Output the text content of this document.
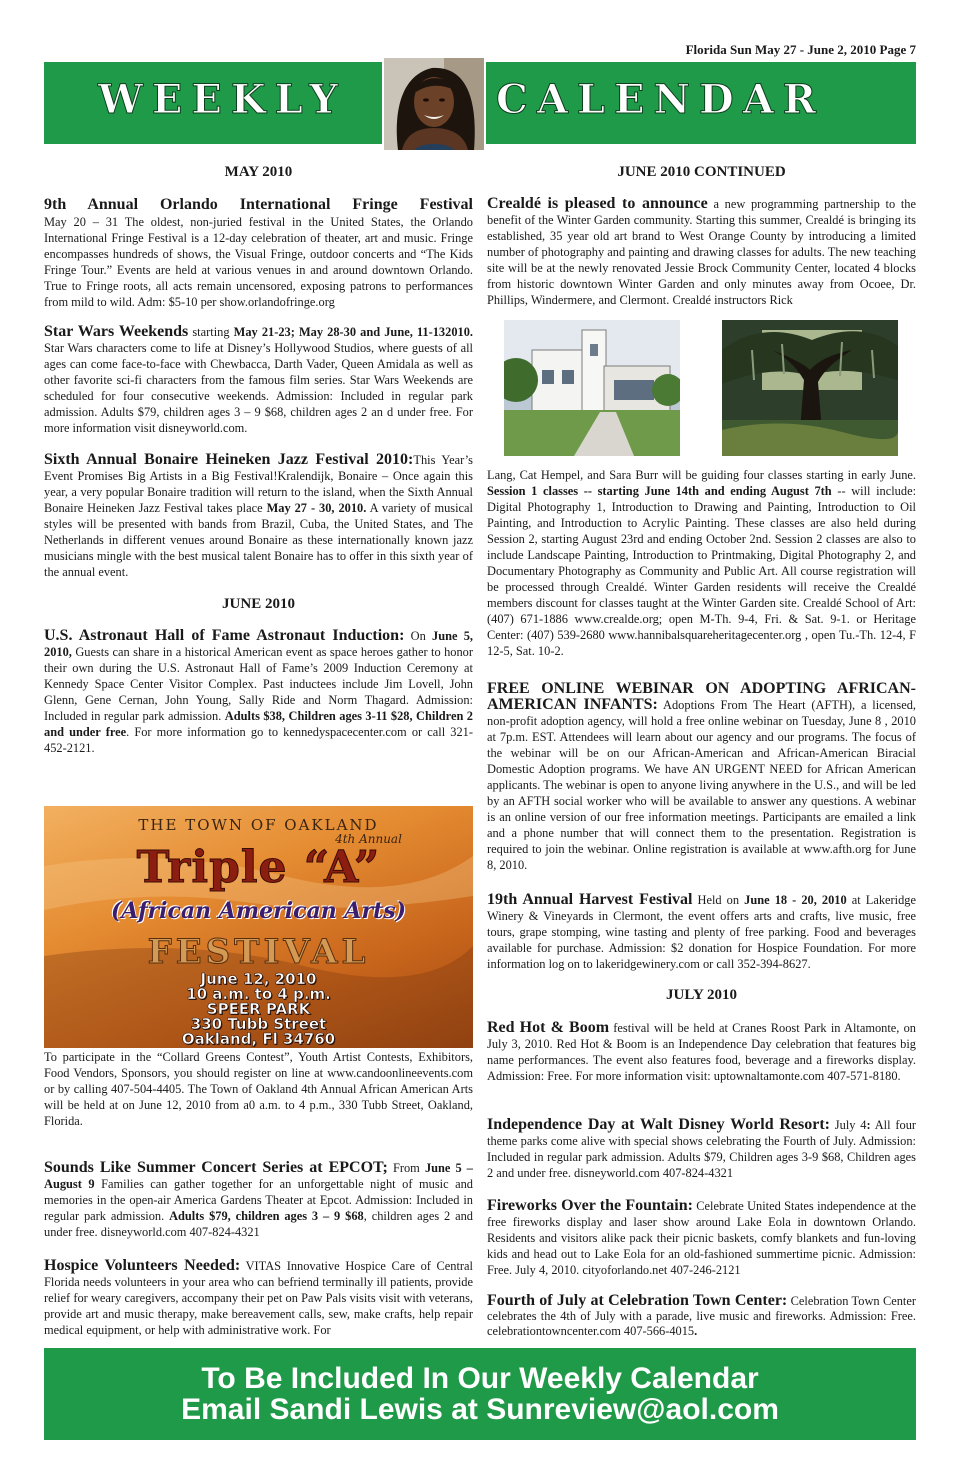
Florida Sun May 27 - June 2, 2010 Page 7
WEEKLY	CALENDAR
MAY 2010

9th Annual Orlando International Fringe Festival
May 20 – 31 The oldest, non-juried festival in the United States, the Orlando International Fringe Festival is a 12-day celebration of theater, art and music. Fringe encompasses hundreds of shows, the Visual Fringe, outdoor concerts and “The Kids Fringe Tour.” Events are held at various venues in and around downtown Orlando. True to Fringe roots, all acts remain uncensored, exposing patrons to performances from mild to wild. Adm: $5-10 per show.orlandofringe.org

Star Wars Weekends starting May 21-23; May 28-30 and June, 11-132010. Star Wars characters come to life at Disney’s Hollywood Studios, where guests of all ages can come face-to-face with Chewbacca, Darth Vader, Queen Amidala as well as other favorite sci-fi characters from the famous film series. Star Wars Weekends are scheduled for four consecutive weekends. Admission: Included in regular park admission. Adults $79, children ages 3 – 9 $68, children ages 2 an d under free. For more information visit disneyworld.com.

Sixth Annual Bonaire Heineken Jazz Festival 2010:This Year’s Event Promises Big Artists in a Big Festival!Kralendijk, Bonaire – Once again this year, a very popular Bonaire tradition will return to the island, when the Sixth Annual Bonaire Heineken Jazz Festival takes place May 27 - 30, 2010. A variety of musical styles will be presented with bands from Brazil, Cuba, the United States, and The Netherlands in different venues around Bonaire as these internationally known jazz musicians mingle with the best musical talent Bonaire has to offer in this sixth year of the annual event.

JUNE 2010

U.S. Astronaut Hall of Fame Astronaut Induction: On June 5, 2010, Guests can share in a historical American event as space heroes gather to honor their own during the U.S. Astronaut Hall of Fame’s 2009 Induction Ceremony at Kennedy Space Center Visitor Complex. Past inductees include Jim Lovell, John Glenn, Gene Cernan, John Young, Sally Ride and Norm Thagard. Admission: Included in regular park admission. Adults $38, Children ages 3-11 $28, Children 2 and under free. For more information go to kennedyspacecenter.com or call 321-452-2121.

THE TOWN OF OAKLAND
4th Annual
Triple “A”
(African American Arts)
FESTIVAL
June 12, 2010
10 a.m. to 4 p.m.
SPEER PARK
330 Tubb Street
Oakland, Fl 34760

To participate in the “Collard Greens Contest”, Youth Artist Contests, Exhibitors, Food Vendors, Sponsors, you should register on line at www.candoonlineevents.com or by calling 407-504-4405. The Town of Oakland 4th Annual African American Arts will be held at on June 12, 2010 from a0 a.m. to 4 p.m., 330 Tubb Street, Oakland, Florida.

Sounds Like Summer Concert Series at EPCOT; From June 5 – August 9 Families can gather together for an unforgettable night of music and memories in the open-air America Gardens Theater at Epcot. Admission: Included in regular park admission. Adults $79, children ages 3 – 9 $68, children ages 2 and under free. disneyworld.com 407-824-4321

Hospice Volunteers Needed: VITAS Innovative Hospice Care of Central Florida needs volunteers in your area who can befriend terminally ill patients, provide relief for weary caregivers, accompany their pet on Paw Pals visits visit with veterans, provide art and music therapy, make bereavement calls, sew, make crafts, help repair medical equipment, or help with administrative work. For

JUNE 2010 CONTINUED

Crealdé is pleased to announce a new programming partnership to the benefit of the Winter Garden community. Starting this summer, Crealdé is bringing its established, 35 year old art brand to West Orange County by introducing a limited number of photography and painting and drawing classes for adults. The new teaching site will be at the newly renovated Jessie Brock Community Center, located 4 blocks from historic downtown Winter Garden and only minutes away from Ocoee, Dr. Phillips, Windermere, and Clermont. Crealdé instructors Rick

Lang, Cat Hempel, and Sara Burr will be guiding four classes starting in early June. Session 1 classes -- starting June 14th and ending August 7th -- will include: Digital Photography 1, Introduction to Drawing and Painting, Introduction to Oil Painting, and Introduction to Acrylic Painting. These classes are also held during Session 2, starting August 23rd and ending October 2nd. Session 2 classes are also to include Landscape Painting, Introduction to Printmaking, Digital Photography 2, and Documentary Photography as Community and Public Art. All course registration will be processed through Crealdé. Winter Garden residents will receive the Crealdé members discount for classes taught at the Winter Garden site. Crealdé School of Art: (407) 671-1886 www.crealde.org; open M-Th. 9-4, Fri. & Sat. 9-1. or Heritage Center: (407) 539-2680 www.hannibalsquareheritagecenter.org , open Tu.-Th. 12-4, F 12-5, Sat. 10-2.

FREE ONLINE WEBINAR ON ADOPTING AFRICAN-AMERICAN INFANTS: Adoptions From The Heart (AFTH), a licensed, non-profit adoption agency, will hold a free online webinar on Tuesday, June 8 , 2010 at 7p.m. EST. Attendees will learn about our agency and our programs. The focus of the webinar will be on our African-American and African-American Biracial Domestic Adoption programs. We have AN URGENT NEED for African American applicants. The webinar is open to anyone living anywhere in the U.S., and will be led by an AFTH social worker who will be available to answer any questions. A webinar is an online version of our free information meetings. Participants are emailed a link and a phone number that will connect them to the presentation. Registration is required to join the webinar. Online registration is available at www.afth.org for June 8, 2010.

19th Annual Harvest Festival Held on June 18 - 20, 2010 at Lakeridge Winery & Vineyards in Clermont, the event offers arts and crafts, live music, free tours, grape stomping, wine tasting and plenty of free parking. Food and beverages available for purchase. Admission: $2 donation for Hospice Foundation. For more information log on to lakeridgewinery.com or call 352-394-8627.

JULY 2010

Red Hot & Boom festival will be held at Cranes Roost Park in Altamonte, on July 3, 2010. Red Hot & Boom is an Independence Day celebration that features big name performances. The event also features food, beverage and a fireworks display. Admission: Free. For more information visit: uptownaltamonte.com 407-571-8180.

Independence Day at Walt Disney World Resort: July 4: All four theme parks come alive with special shows celebrating the Fourth of July. Admission: Included in regular park admission. Adults $79, Children ages 3-9 $68, Children ages 2 and under free. disneyworld.com 407-824-4321

Fireworks Over the Fountain: Celebrate United States independence at the free fireworks display and laser show around Lake Eola in downtown Orlando. Residents and visitors alike pack their picnic baskets, comfy blankets and fun-loving kids and head out to Lake Eola for an old-fashioned summertime picnic. Admission: Free. July 4, 2010. cityoforlando.net 407-246-2121

Fourth of July at Celebration Town Center: Celebration Town Center celebrates the 4th of July with a parade, live music and fireworks. Admission: Free. celebrationtowncenter.com 407-566-4015.

To Be Included In Our Weekly Calendar
Email Sandi Lewis at Sunreview@aol.com
